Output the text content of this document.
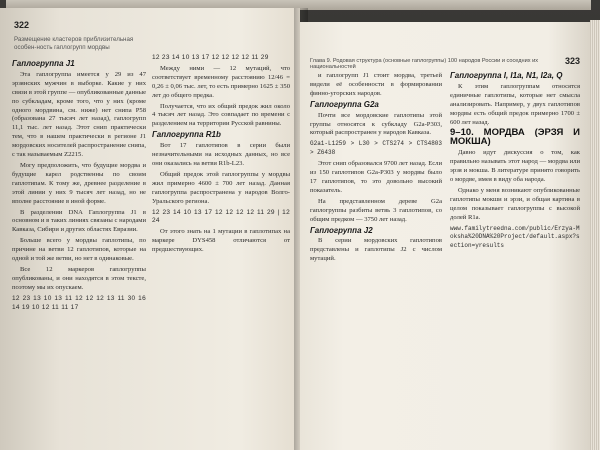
322
Размещение кластеров приблизительная особен-ность гаплогрупп мордвы

Гаплогруппа J1

Эта гаплогруппа имеется у 29 из 47 эрзянских мужчин в выборке. Какие у них связи в этой группе — опубликованные данные по субкладам, кроме того, что у них (кроме одного мордвина, см. ниже) нет снипа P58 (образована 27 тысяч лет назад), гаплогрупп 11,1 тыс. лет назад. Этот снип практически тем, что в нашем практически в регионе J1 мордовских носителей распространение снипа, с так называемым Z2215.

Могу предположить, что будущие мордва и будущие карел родственны по своим гаплотипам. К тому же, древнее разделение в этой линии у них 9 тысяч лет назад, но не вполне расстояние в иной форме.

В разделении DNA Гаплогруппа J1 в основном и в таких линиях связаны с народами Кавказа, Сибири и других областях Евразии.

Больше всего у мордвы гаплотипы, по причине на ветви 12 гаплотипов, которые на одной и той же ветви, но нет в одинаковые.

Все 12 маркеров гаплогруппы опубликованы, и они находятся в этом тексте, поэтому мы их опускаем.

12 23 13 10 13 11 12 12 12 13 11 30 16 14 19 10 12 11 11 17

12 23 14 10 13 17 12 12 12 12 11 29

Между ними — 12 мутаций, что соответствует временному расстоянию 12/46 = 0,26 ± 0,06 тыс. лет, то есть примерно 1625 ± 350 лет до общего предка.

Получается, что их общий предок жил около 4 тысяч лет назад. Это совпадает по времени с разделением на территории Русской равнины.

Гаплогруппа R1b

Вот 17 гаплотипов в серии были незначительными на исходных данных, но все они оказались на ветви R1b-L23.

Общий предок этой гаплогруппы у мордвы жил примерно 4600 ± 700 лет назад. Данная гаплогруппа распространена у народов Волго-Уральского региона.

12 23 14 10 13 17 12 12 12 12 11 29 | 12 24

От этого знать на 1 мутации в гаплотипах на маркере DYS458 отличаются от предшествующих.

Глава 9. Родовая структура (основные гаплогруппы) 100 народов России и соседних их национальностей
323

и гаплогрупп J1 стоит мордва, третьей видели её особенности в формировании финно-угорских народов.

Гаплогруппа G2a

Почти все мордовские гаплотипы этой группы относятся к субкладу G2a-P303, который распространен у народов Кавказа.

G2a1-L1259 > L30 > CTS274 > CTS4803 > Z6438

Этот снип образовался 9700 лет назад. Если из 150 гаплотипов G2a-P303 у мордвы было 17 гаплотипов, то это довольно высокий показатель.

На представленном дереве G2a гаплогруппы разбиты ветвь 3 гаплотипов, со общим предком — 3750 лет назад.

Гаплогруппа J2

В серии мордовских гаплотипов представлены и гаплотипы J2 с числом мутаций.

Гаплогруппа I, I1a, N1, I2a, Q

К этим гаплогруппам относятся единичные гаплотипы, которые нет смысла анализировать. Например, у двух гаплотипов мордвы есть общий предок примерно 1700 ± 600 лет назад.

9–10. МОРДВА (ЭРЗЯ И МОКША)

Давно идут дискуссия о том, как правильно называть этот народ — мордва или эрзя и мокша. В литературе принято говорить о мордве, имея в виду оба народа.

Однако у меня возникают опубликованные гаплотипы мокши и эрзи, и общая картина в целом показывает гаплогруппы с высокой долей R1a.

www.familytreedna.com/public/Erzya-Moksha%20DNA%20Project/default.aspx?section=yresults
